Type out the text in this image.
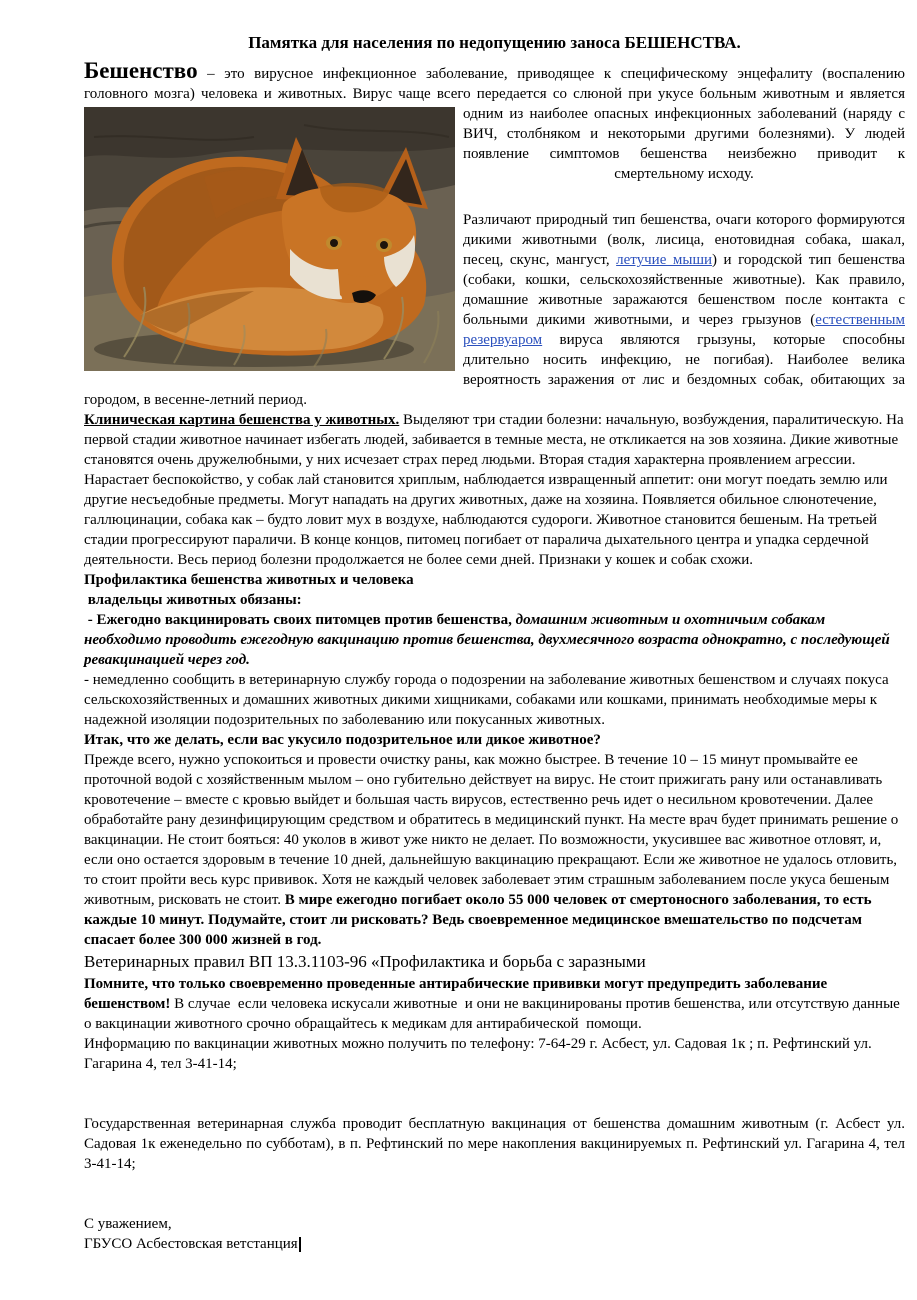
Памятка для населения по недопущению заноса БЕШЕНСТВА.

Бешенство – это вирусное инфекционное заболевание, приводящее к специфическому энцефалиту (воспалению головного мозга) человека и животных. Вирус чаще всего передается со слюной при укусе
больным животным и является одним из наиболее опасных инфекционных заболеваний (наряду с ВИЧ, столбняком и некоторыми другими болезнями). У людей появление симптомов бешенства неизбежно приводит к смертельному исходу.

Различают природный тип бешенства, очаги которого формируются дикими животными (волк, лисица, енотовидная собака, шакал, песец, скунс, мангуст, летучие мыши) и городской тип бешенства (собаки, кошки, сельскохозяйственные животные). Как правило, домашние животные заражаются бешенством после контакта с больными дикими животными, и через грызунов (естественным резервуаром вируса являются грызуны, которые способны длительно носить инфекцию, не погибая). Наиболее велика вероятность заражения от лис и бездомных собак, обитающих за городом, в весенне-летний период.

Клиническая картина бешенства у животных. Выделяют три стадии болезни: начальную, возбуждения, паралитическую. На первой стадии животное начинает избегать людей, забивается в темные места, не откликается на зов хозяина. Дикие животные становятся очень дружелюбными, у них исчезает страх перед людьми. Вторая стадия характерна проявлением агрессии. Нарастает беспокойство, у собак лай становится хриплым, наблюдается извращенный аппетит: они могут поедать землю или другие несъедобные предметы. Могут нападать на других животных, даже на хозяина. Появляется обильное слюнотечение, галлюцинации, собака как – будто ловит мух в воздухе, наблюдаются судороги. Животное становится бешеным. На третьей стадии прогрессируют параличи. В конце концов, питомец погибает от паралича дыхательного центра и упадка сердечной деятельности. Весь период болезни продолжается не более семи дней. Признаки у кошек и собак схожи.

Профилактика бешенства животных и человека

владельцы животных обязаны:

- Ежегодно вакцинировать своих питомцев против бешенства, домашним животным и охотничьим собакам необходимо проводить ежегодную вакцинацию против бешенства, двухмесячного возраста однократно, с последующей ревакцинацией через год.

- немедленно сообщить в ветеринарную службу города о подозрении на заболевание животных бешенством и случаях покуса сельскохозяйственных и домашних животных дикими хищниками, собаками или кошками, принимать необходимые меры к надежной изоляции подозрительных по заболеванию или покусанных животных.

Итак, что же делать, если вас укусило подозрительное или дикое животное?

Прежде всего, нужно успокоиться и провести очистку раны, как можно быстрее. В течение 10 – 15 минут промывайте ее проточной водой с хозяйственным мылом – оно губительно действует на вирус. Не стоит прижигать рану или останавливать кровотечение – вместе с кровью выйдет и большая часть вирусов, естественно речь идет о несильном кровотечении. Далее обработайте рану дезинфицирующим средством и обратитесь в медицинский пункт. На месте врач будет принимать решение о вакцинации. Не стоит бояться: 40 уколов в живот уже никто не делает. По возможности, укусившее вас животное отловят, и, если оно остается здоровым в течение 10 дней, дальнейшую вакцинацию прекращают. Если же животное не удалось отловить, то стоит пройти весь курс прививок. Хотя не каждый человек заболевает этим страшным заболеванием после укуса бешеным животным, рисковать не стоит. В мире ежегодно погибает около 55 000 человек от смертоносного заболевания, то есть каждые 10 минут. Подумайте, стоит ли рисковать? Ведь своевременное медицинское вмешательство по подсчетам спасает более 300 000 жизней в год.

Ветеринарных правил ВП 13.3.1103-96 «Профилактика и борьба с заразными

Помните, что только своевременно проведенные антирабические прививки могут предупредить заболевание бешенством! В случае  если человека искусали животные  и они не вакцинированы против бешенства, или отсутствую данные о вакцинации животного срочно обращайтесь к медикам для антирабической  помощи.

Информацию по вакцинации животных можно получить по телефону: 7-64-29 г. Асбест, ул. Садовая 1к ; п. Рефтинский ул. Гагарина 4, тел 3-41-14;

Государственная ветеринарная служба проводит бесплатную вакцинация от бешенства домашним животным (г. Асбест ул. Садовая 1к еженедельно по субботам), в п. Рефтинский по мере накопления вакцинируемых п. Рефтинский ул. Гагарина 4, тел 3-41-14;

С уважением,

ГБУСО Асбестовская ветстанция
